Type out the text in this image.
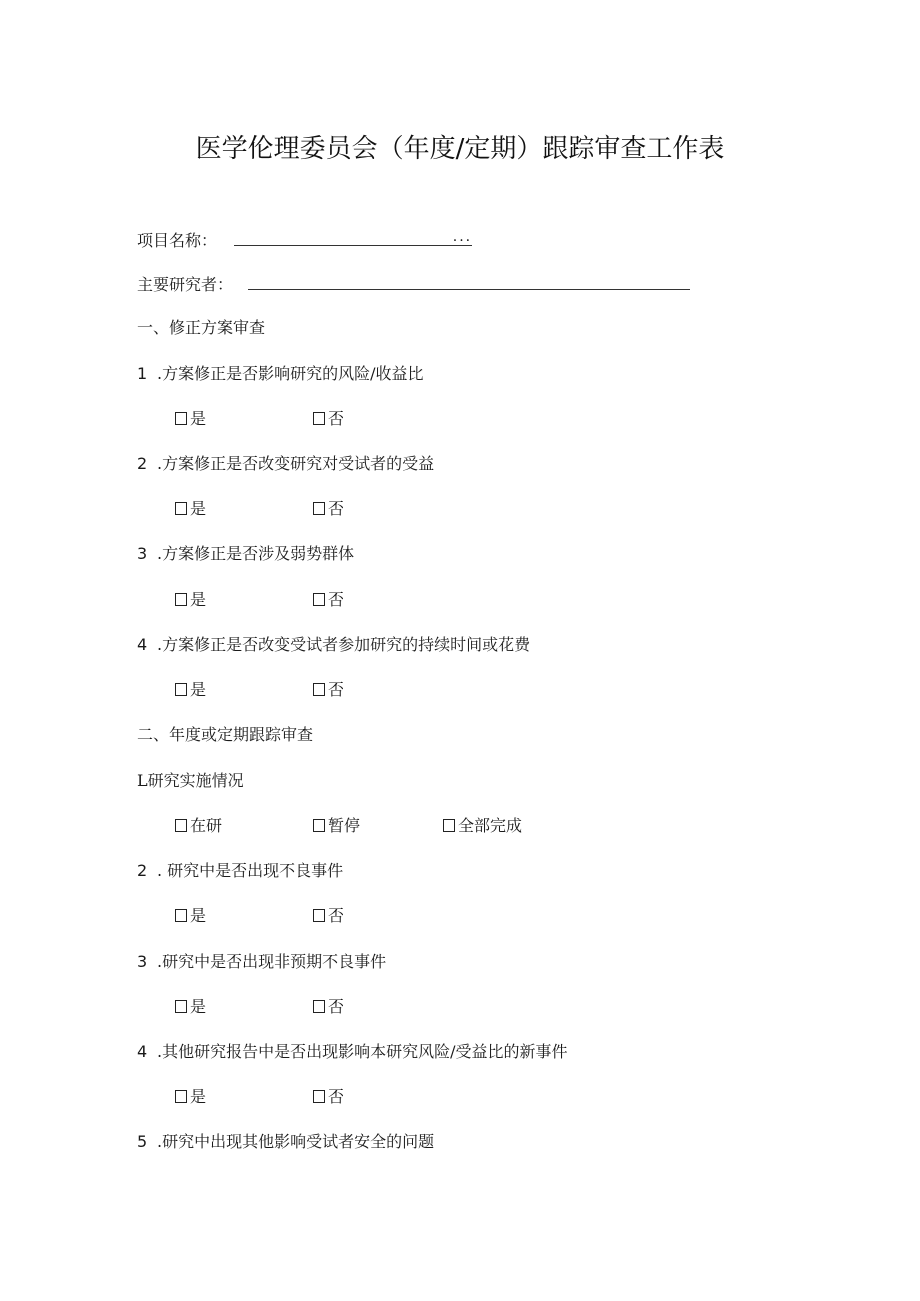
医学伦理委员会（年度/定期）跟踪审查工作表
项目名称：	...
主要研究者：
一、修正方案审查
1 .方案修正是否影响研究的风险/收益比
是	否
2 .方案修正是否改变研究对受试者的受益
是	否
3 .方案修正是否涉及弱势群体
是	否
4 .方案修正是否改变受试者参加研究的持续时间或花费
是	否
二、年度或定期跟踪审查
L研究实施情况
在研	暂停	全部完成
2 . 研究中是否出现不良事件
是	否
3 .研究中是否出现非预期不良事件
是	否
4 .其他研究报告中是否出现影响本研究风险/受益比的新事件
是	否
5 .研究中出现其他影响受试者安全的问题
